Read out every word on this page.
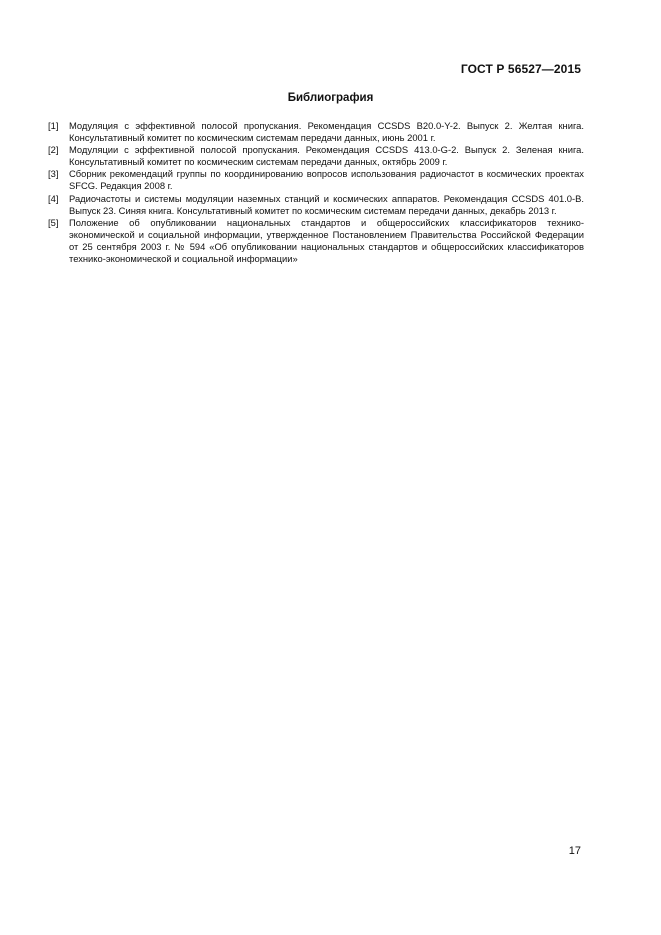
ГОСТ Р 56527—2015
Библиография
[1]	Модуляция с эффективной полосой пропускания. Рекомендация CCSDS B20.0-Y-2. Выпуск 2. Желтая книга. Консультативный комитет по космическим системам передачи данных, июнь 2001 г.
[2]	Модуляции с эффективной полосой пропускания. Рекомендация CCSDS 413.0-G-2. Выпуск 2. Зеленая книга. Консультативный комитет по космическим системам передачи данных, октябрь 2009 г.
[3]	Сборник рекомендаций группы по координированию вопросов использования радиочастот в космических проектах SFCG. Редакция 2008 г.
[4]	Радиочастоты и системы модуляции наземных станций и космических аппаратов. Рекомендация CCSDS 401.0-B. Выпуск 23. Синяя книга. Консультативный комитет по космическим системам передачи данных, декабрь 2013 г.
[5]	Положение об опубликовании национальных стандартов и общероссийских классификаторов технико-экономической и социальной информации, утвержденное Постановлением Правительства Российской Федерации от 25 сентября 2003 г. № 594 «Об опубликовании национальных стандартов и общероссийских классификаторов технико-экономической и социальной информации»
17
